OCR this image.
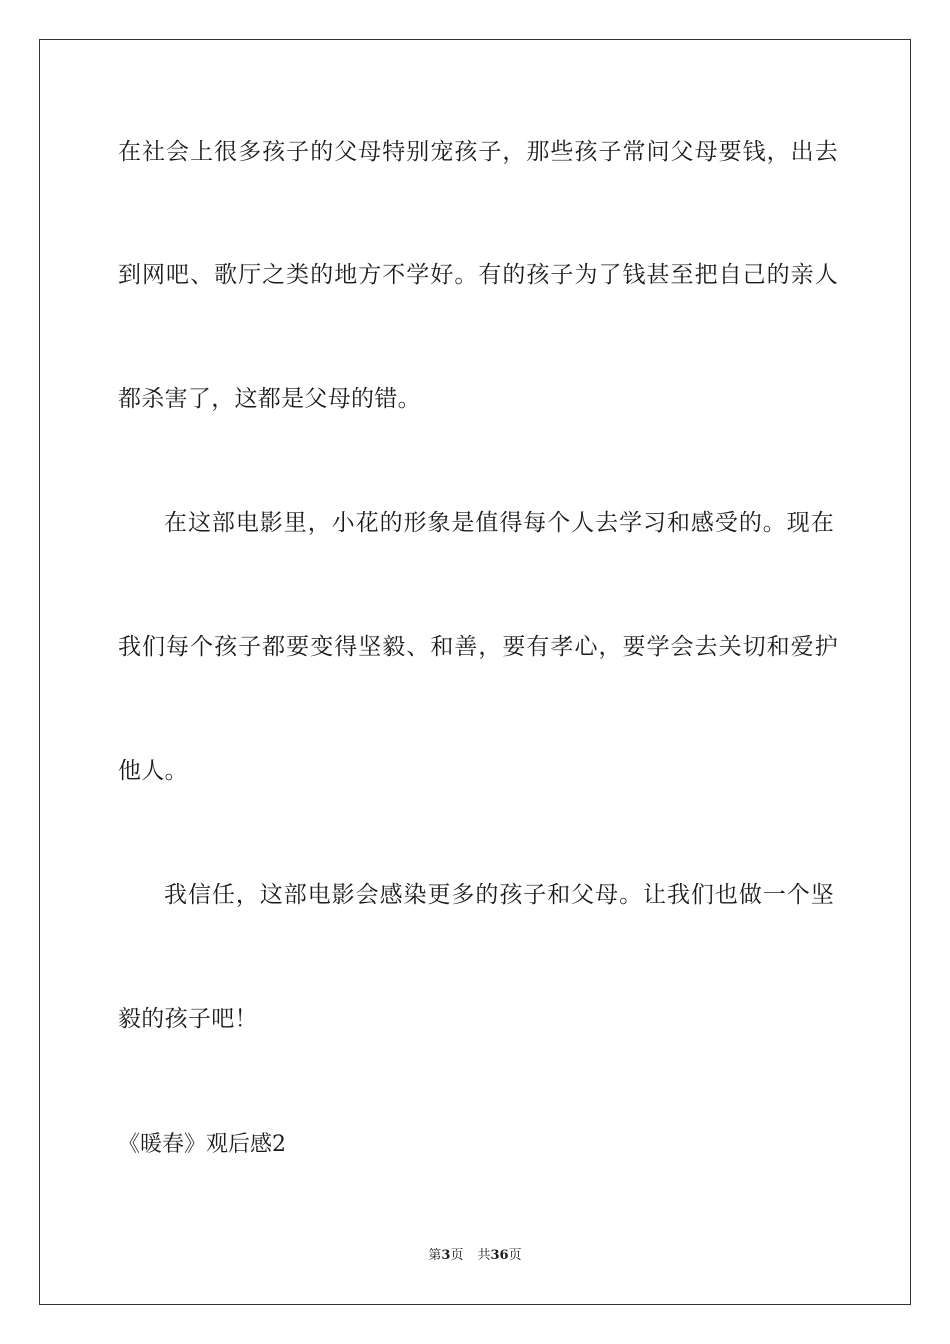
在社会上很多孩子的父母特别宠孩子，那些孩子常问父母要钱，出去
到网吧、歌厅之类的地方不学好。有的孩子为了钱甚至把自己的亲人
都杀害了，这都是父母的错。
在这部电影里，小花的形象是值得每个人去学习和感受的。现在
我们每个孩子都要变得坚毅、和善，要有孝心，要学会去关切和爱护
他人。
我信任，这部电影会感染更多的孩子和父母。让我们也做一个坚
毅的孩子吧！
《暖春》观后感2
第3页 共36页
